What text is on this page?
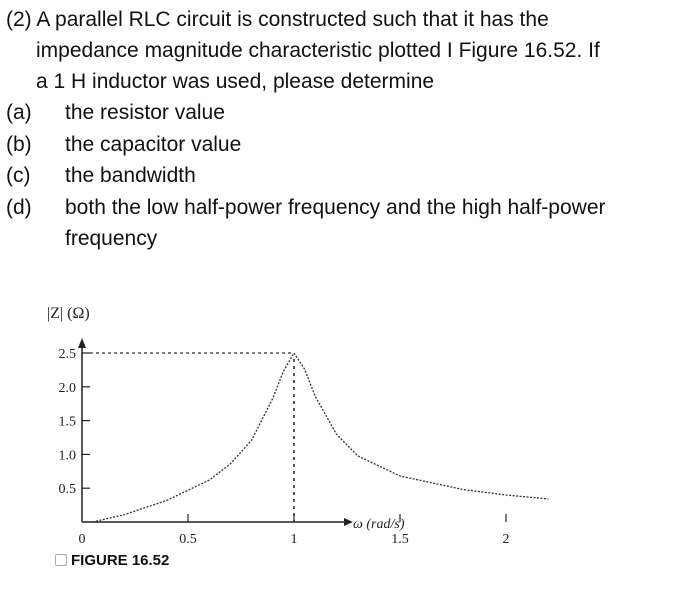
(2) A parallel RLC circuit is constructed such that it has the
impedance magnitude characteristic plotted I Figure 16.52. If
a 1 H inductor was used, please determine
(a) the resistor value
(b) the capacitor value
(c) the bandwidth
(d) both the low half-power frequency and the high half-power
frequency
|Z| (Ω)
ω (rad/s)
0.5
1.0
1.5
2.0
2.5
0	0.5	1	1.5	2
FIGURE 16.52
